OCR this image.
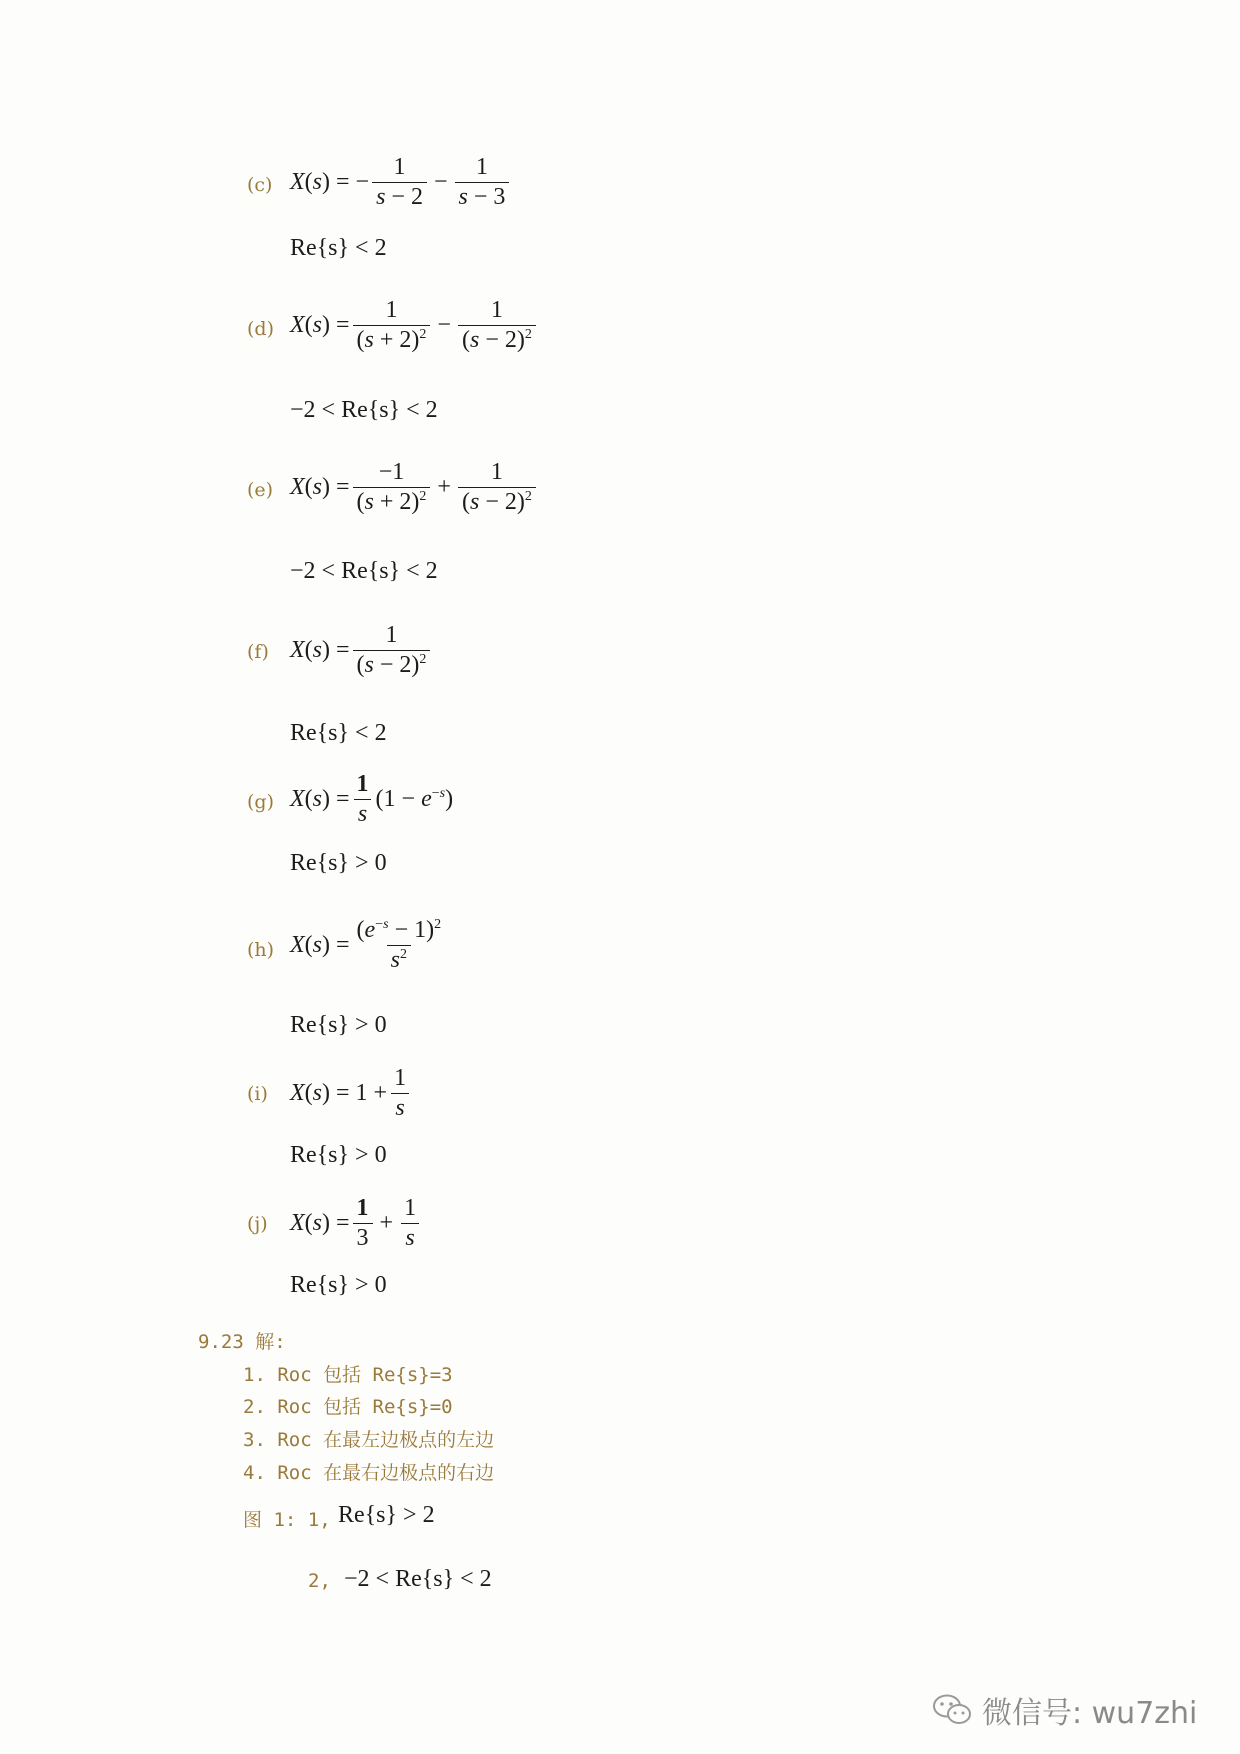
(c) X(s) = − $\frac{1}{s - 2} - \frac{1}{s - 3}$
Re{s} < 2
(d) $X(s) = \frac{1}{(s + 2)^2} - \frac{1}{(s - 2)^2}$
−2 < Re{s} < 2
(e) $X(s) = \frac{-1}{(s + 2)^2} + \frac{1}{(s - 2)^2}$
−2 < Re{s} < 2
(f) $X(s) = \frac{1}{(s - 2)^2}$
Re{s} < 2
(g) $X(s) = \frac{1}{s} (1 - e^{-s})$
Re{s} > 0
(h) $X(s) = \frac{(e^{-s} - 1)^2}{s^2}$
Re{s} > 0
(i) $X(s) = 1 + \frac{1}{s}$
Re{s} > 0
(j) $X(s) = \frac{1}{3} + \frac{1}{s}$
Re{s} > 0
9.23 解:
1. Roc 包括 Re{s}=3
2. Roc 包括 Re{s}=0
3. Roc 在最左边极点的左边
4. Roc 在最右边极点的右边
图 1: 1, Re{s} > 2
2, −2 < Re{s} < 2
微信号: wu7zhi
